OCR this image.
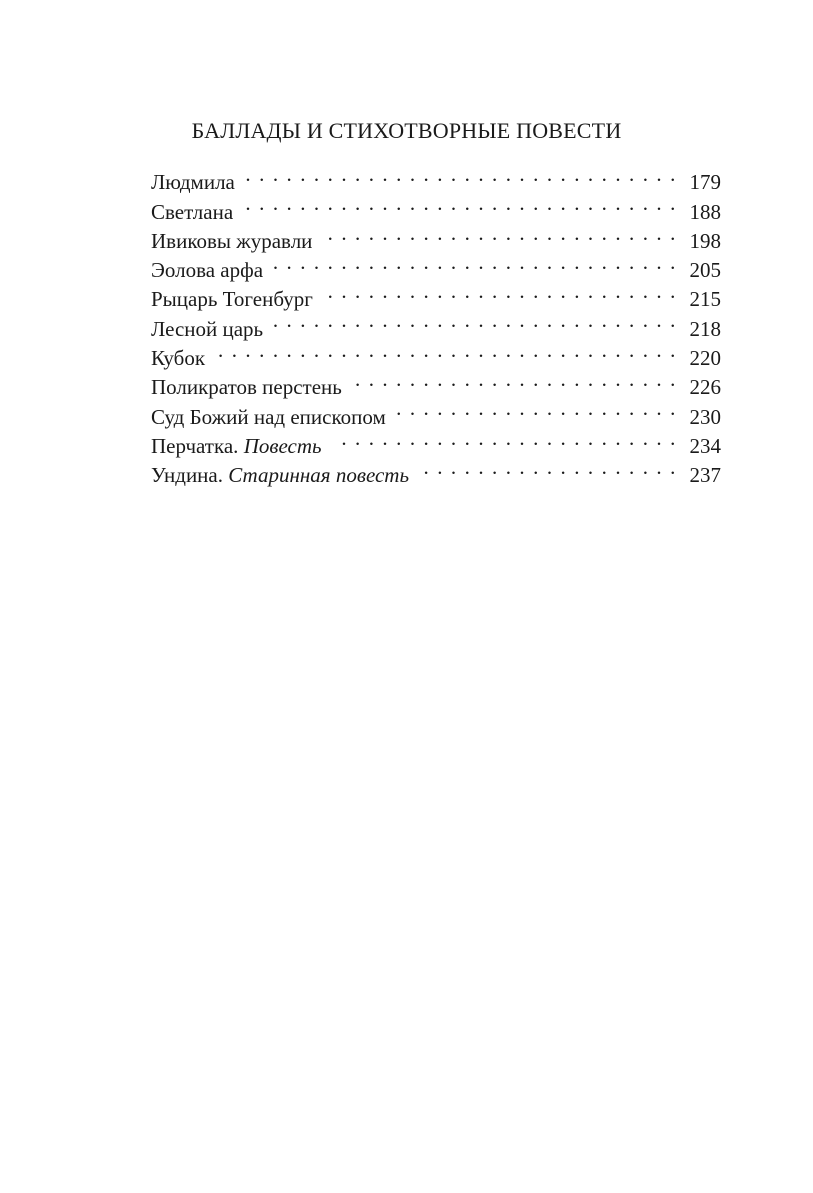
БАЛЛАДЫ И СТИХОТВОРНЫЕ ПОВЕСТИ
Людмила . . .	179
Светлана . . .	188
Ивиковы журавли . . .	198
Эолова арфа . . .	205
Рыцарь Тогенбург . . .	215
Лесной царь . . .	218
Кубок . . .	220
Поликратов перстень . . .	226
Суд Божий над епископом . . .	230
Перчатка. Повесть . . .	234
Ундина. Старинная повесть . . .	237
